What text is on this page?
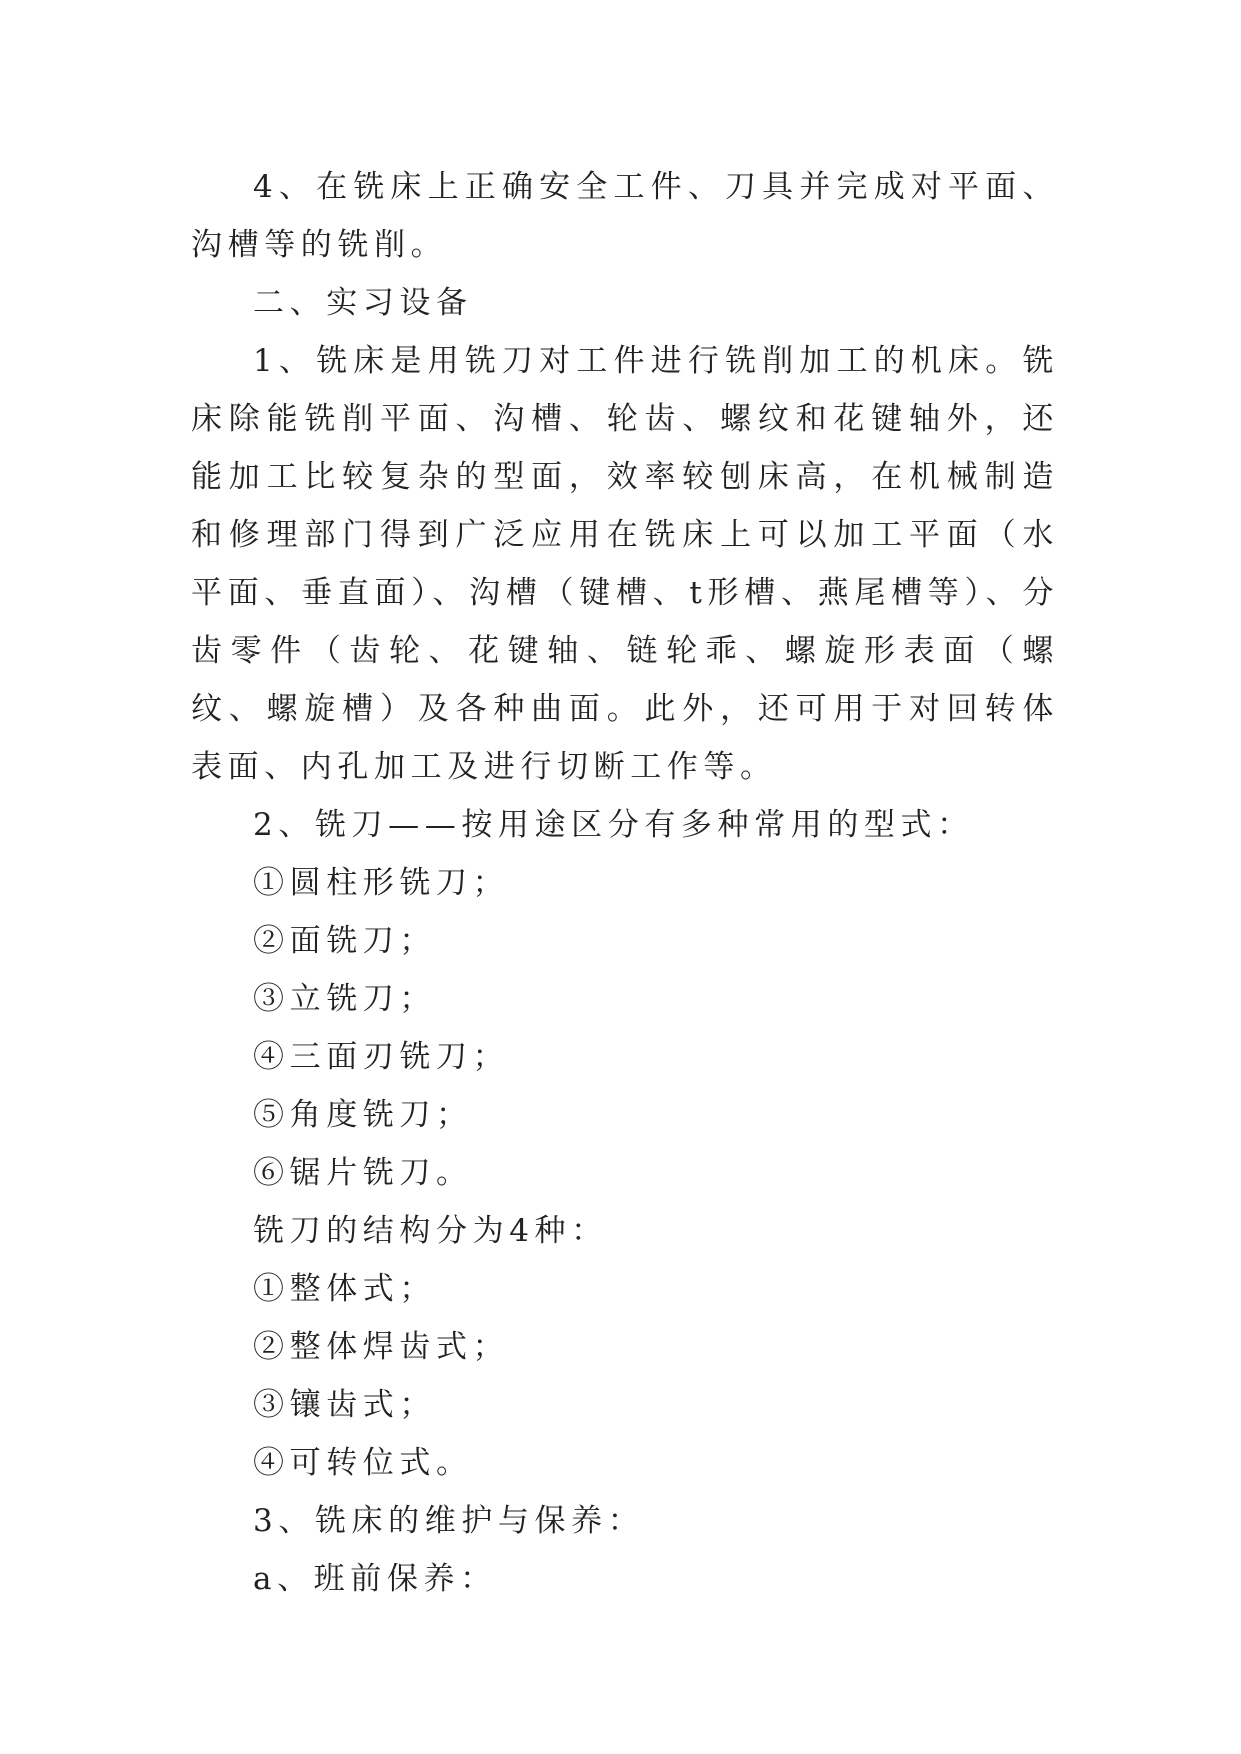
4、在铣床上正确安全工件、刀具并完成对平面、沟槽等的铣削。

二、实习设备

1、铣床是用铣刀对工件进行铣削加工的机床。铣床除能铣削平面、沟槽、轮齿、螺纹和花键轴外，还能加工比较复杂的型面，效率较刨床高，在机械制造和修理部门得到广泛应用在铣床上可以加工平面（水平面、垂直面）、沟槽（键槽、t形槽、燕尾槽等）、分齿零件（齿轮、花键轴、链轮乖、螺旋形表面（螺纹、螺旋槽）及各种曲面。此外，还可用于对回转体表面、内孔加工及进行切断工作等。

2、铣刀——按用途区分有多种常用的型式：

①圆柱形铣刀；

②面铣刀；

③立铣刀；

④三面刃铣刀；

⑤角度铣刀；

⑥锯片铣刀。

铣刀的结构分为4种：

①整体式；

②整体焊齿式；

③镶齿式；

④可转位式。

3、铣床的维护与保养：

a、班前保养：
